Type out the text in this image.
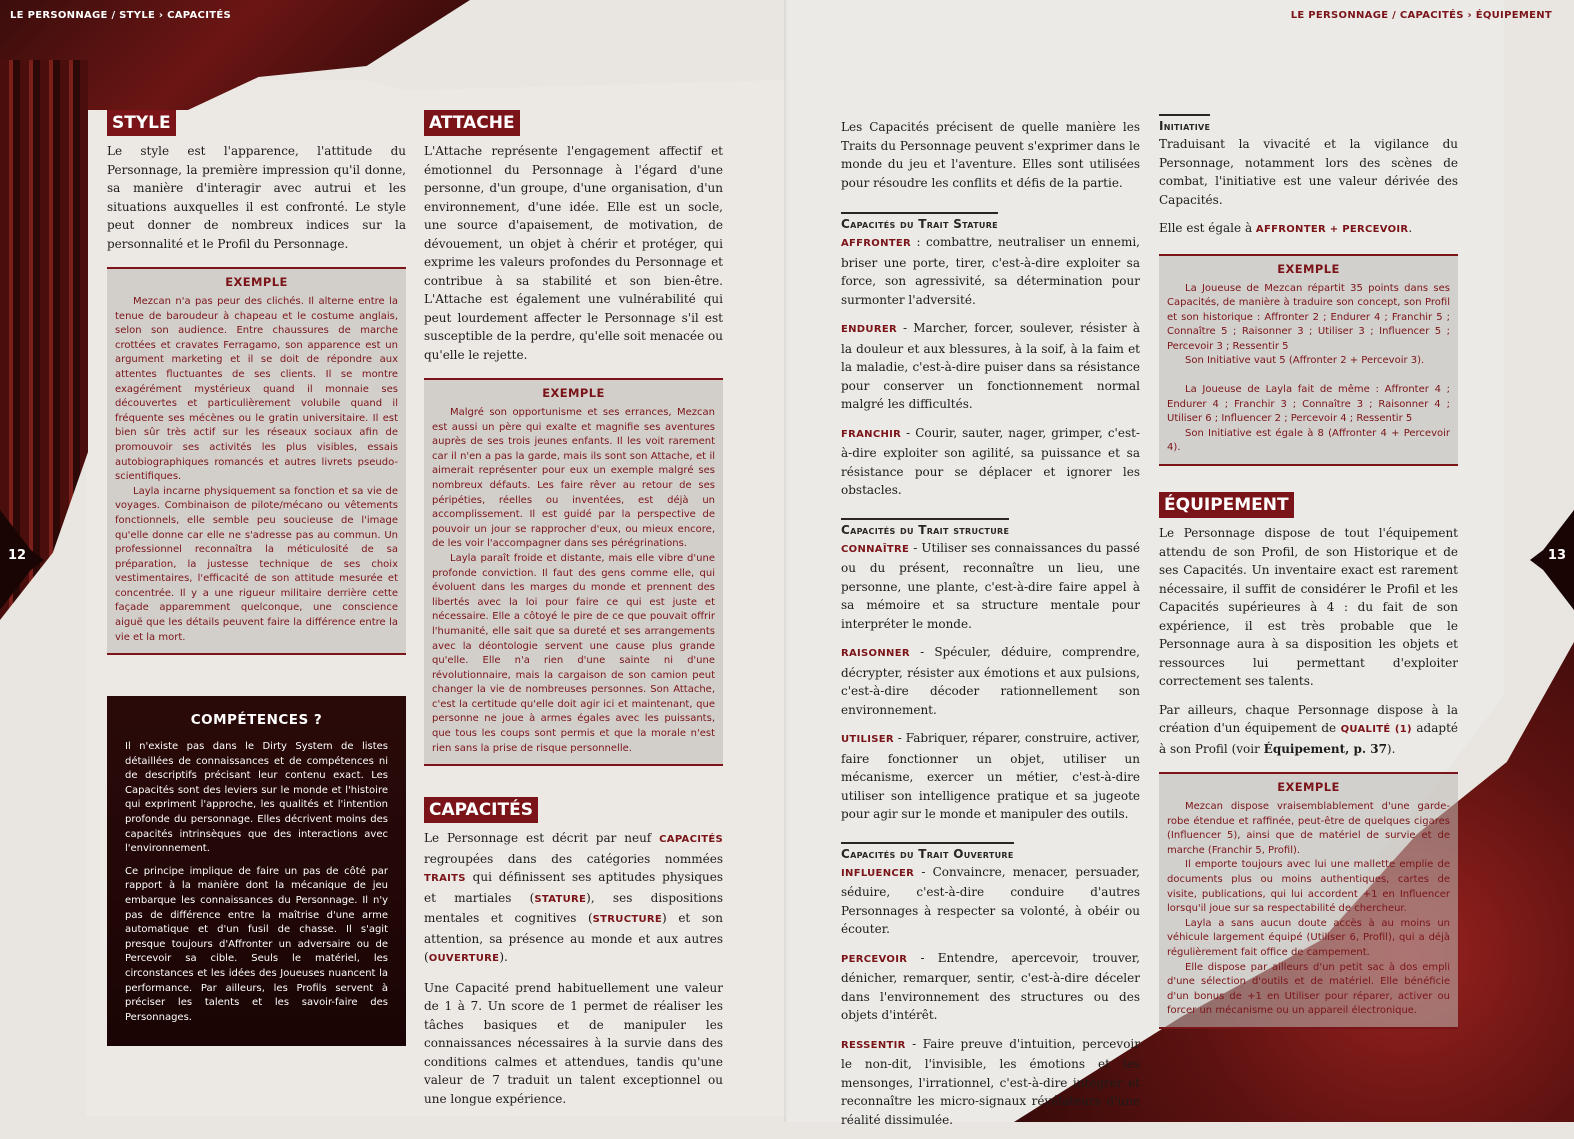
LE PERSONNAGE / STYLE › CAPACITÉS	LE PERSONNAGE / CAPACITÉS › ÉQUIPEMENT
12	13
STYLE

Le style est l'apparence, l'attitude du Personnage, la première impression qu'il donne, sa manière d'interagir avec autrui et les situations auxquelles il est confronté. Le style peut donner de nombreux indices sur la personnalité et le Profil du Personnage.

EXEMPLE

Mezcan n'a pas peur des clichés. Il alterne entre la tenue de baroudeur à chapeau et le costume anglais, selon son audience. Entre chaussures de marche crottées et cravates Ferragamo, son apparence est un argument marketing et il se doit de répondre aux attentes fluctuantes de ses clients. Il se montre exagérément mystérieux quand il monnaie ses découvertes et particulièrement volubile quand il fréquente ses mécènes ou le gratin universitaire. Il est bien sûr très actif sur les réseaux sociaux afin de promouvoir ses activités les plus visibles, essais autobiographiques romancés et autres livrets pseudo-scientifiques.

Layla incarne physiquement sa fonction et sa vie de voyages. Combinaison de pilote/mécano ou vêtements fonctionnels, elle semble peu soucieuse de l'image qu'elle donne car elle ne s'adresse pas au commun. Un professionnel reconnaîtra la méticulosité de sa préparation, la justesse technique de ses choix vestimentaires, l'efficacité de son attitude mesurée et concentrée. Il y a une rigueur militaire derrière cette façade apparemment quelconque, une conscience aiguë que les détails peuvent faire la différence entre la vie et la mort.

COMPÉTENCES ?

Il n'existe pas dans le Dirty System de listes détaillées de connaissances et de compétences ni de descriptifs précisant leur contenu exact. Les Capacités sont des leviers sur le monde et l'histoire qui expriment l'approche, les qualités et l'intention profonde du personnage. Elles décrivent moins des capacités intrinsèques que des interactions avec l'environnement.

Ce principe implique de faire un pas de côté par rapport à la manière dont la mécanique de jeu embarque les connaissances du Personnage. Il n'y pas de différence entre la maîtrise d'une arme automatique et d'un fusil de chasse. Il s'agit presque toujours d'Affronter un adversaire ou de Percevoir sa cible. Seuls le matériel, les circonstances et les idées des Joueuses nuancent la performance. Par ailleurs, les Profils servent à préciser les talents et les savoir-faire des Personnages.

ATTACHE

L'Attache représente l'engagement affectif et émotionnel du Personnage à l'égard d'une personne, d'un groupe, d'une organisation, d'un environnement, d'une idée. Elle est un socle, une source d'apaisement, de motivation, de dévouement, un objet à chérir et protéger, qui exprime les valeurs profondes du Personnage et contribue à sa stabilité et son bien-être. L'Attache est également une vulnérabilité qui peut lourdement affecter le Personnage s'il est susceptible de la perdre, qu'elle soit menacée ou qu'elle le rejette.

EXEMPLE

Malgré son opportunisme et ses errances, Mezcan est aussi un père qui exalte et magnifie ses aventures auprès de ses trois jeunes enfants. Il les voit rarement car il n'en a pas la garde, mais ils sont son Attache, et il aimerait représenter pour eux un exemple malgré ses nombreux défauts. Les faire rêver au retour de ses péripéties, réelles ou inventées, est déjà un accomplissement. Il est guidé par la perspective de pouvoir un jour se rapprocher d'eux, ou mieux encore, de les voir l'accompagner dans ses pérégrinations.

Layla paraît froide et distante, mais elle vibre d'une profonde conviction. Il faut des gens comme elle, qui évoluent dans les marges du monde et prennent des libertés avec la loi pour faire ce qui est juste et nécessaire. Elle a côtoyé le pire de ce que pouvait offrir l'humanité, elle sait que sa dureté et ses arrangements avec la déontologie servent une cause plus grande qu'elle. Elle n'a rien d'une sainte ni d'une révolutionnaire, mais la cargaison de son camion peut changer la vie de nombreuses personnes. Son Attache, c'est la certitude qu'elle doit agir ici et maintenant, que personne ne joue à armes égales avec les puissants, que tous les coups sont permis et que la morale n'est rien sans la prise de risque personnelle.

CAPACITÉS

Le Personnage est décrit par neuf CAPACITÉS regroupées dans des catégories nommées TRAITS qui définissent ses aptitudes physiques et martiales (STATURE), ses dispositions mentales et cognitives (STRUCTURE) et son attention, sa présence au monde et aux autres (OUVERTURE).

Une Capacité prend habituellement une valeur de 1 à 7. Un score de 1 permet de réaliser les tâches basiques et de manipuler les connaissances nécessaires à la survie dans des conditions calmes et attendues, tandis qu'une valeur de 7 traduit un talent exceptionnel ou une longue expérience.

Les Capacités précisent de quelle manière les Traits du Personnage peuvent s'exprimer dans le monde du jeu et l'aventure. Elles sont utilisées pour résoudre les conflits et défis de la partie.

Capacités du Trait Stature

AFFRONTER : combattre, neutraliser un ennemi, briser une porte, tirer, c'est-à-dire exploiter sa force, son agressivité, sa détermination pour surmonter l'adversité.

ENDURER - Marcher, forcer, soulever, résister à la douleur et aux blessures, à la soif, à la faim et la maladie, c'est-à-dire puiser dans sa résistance pour conserver un fonctionnement normal malgré les difficultés.

FRANCHIR - Courir, sauter, nager, grimper, c'est-à-dire exploiter son agilité, sa puissance et sa résistance pour se déplacer et ignorer les obstacles.

Capacités du Trait structure

CONNAÎTRE - Utiliser ses connaissances du passé ou du présent, reconnaître un lieu, une personne, une plante, c'est-à-dire faire appel à sa mémoire et sa structure mentale pour interpréter le monde.

RAISONNER - Spéculer, déduire, comprendre, décrypter, résister aux émotions et aux pulsions, c'est-à-dire décoder rationnellement son environnement.

UTILISER - Fabriquer, réparer, construire, activer, faire fonctionner un objet, utiliser un mécanisme, exercer un métier, c'est-à-dire utiliser son intelligence pratique et sa jugeote pour agir sur le monde et manipuler des outils.

Capacités du Trait Ouverture

INFLUENCER - Convaincre, menacer, persuader, séduire, c'est-à-dire conduire d'autres Personnages à respecter sa volonté, à obéir ou écouter.

PERCEVOIR - Entendre, apercevoir, trouver, dénicher, remarquer, sentir, c'est-à-dire déceler dans l'environnement des structures ou des objets d'intérêt.

RESSENTIR - Faire preuve d'intuition, percevoir le non-dit, l'invisible, les émotions et les mensonges, l'irrationnel, c'est-à-dire intégrer et reconnaître les micro-signaux révélateurs d'une réalité dissimulée.

Initiative

Traduisant la vivacité et la vigilance du Personnage, notamment lors des scènes de combat, l'initiative est une valeur dérivée des Capacités.

Elle est égale à AFFRONTER + PERCEVOIR.

EXEMPLE

La Joueuse de Mezcan répartit 35 points dans ses Capacités, de manière à traduire son concept, son Profil et son historique : Affronter 2 ; Endurer 4 ; Franchir 5 ; Connaître 5 ; Raisonner 3 ; Utiliser 3 ; Influencer 5 ; Percevoir 3 ; Ressentir 5

Son Initiative vaut 5 (Affronter 2 + Percevoir 3).

La Joueuse de Layla fait de même : Affronter 4 ; Endurer 4 ; Franchir 3 ; Connaître 3 ; Raisonner 4 ; Utiliser 6 ; Influencer 2 ; Percevoir 4 ; Ressentir 5

Son Initiative est égale à 8 (Affronter 4 + Percevoir 4).

ÉQUIPEMENT

Le Personnage dispose de tout l'équipement attendu de son Profil, de son Historique et de ses Capacités. Un inventaire exact est rarement nécessaire, il suffit de considérer le Profil et les Capacités supérieures à 4 : du fait de son expérience, il est très probable que le Personnage aura à sa disposition les objets et ressources lui permettant d'exploiter correctement ses talents.

Par ailleurs, chaque Personnage dispose à la création d'un équipement de QUALITÉ (1) adapté à son Profil (voir Équipement, p. 37).

EXEMPLE

Mezcan dispose vraisemblablement d'une garde-robe étendue et raffinée, peut-être de quelques cigares (Influencer 5), ainsi que de matériel de survie et de marche (Franchir 5, Profil).

Il emporte toujours avec lui une mallette emplie de documents plus ou moins authentiques, cartes de visite, publications, qui lui accordent +1 en Influencer lorsqu'il joue sur sa respectabilité de chercheur.

Layla a sans aucun doute accès à au moins un véhicule largement équipé (Utiliser 6, Profil), qui a déjà régulièrement fait office de campement.

Elle dispose par ailleurs d'un petit sac à dos empli d'une sélection d'outils et de matériel. Elle bénéficie d'un bonus de +1 en Utiliser pour réparer, activer ou forcer un mécanisme ou un appareil électronique.
